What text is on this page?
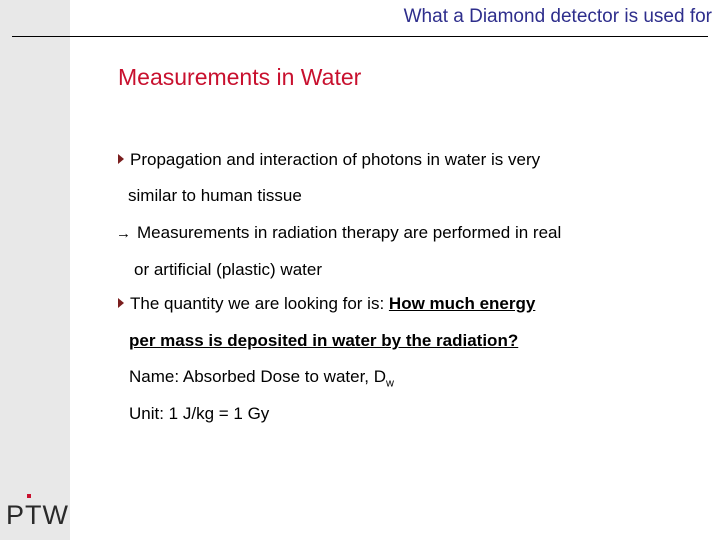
What a Diamond detector is used for
Measurements in Water
Propagation and interaction of photons in water is very
similar to human tissue
→ Measurements in radiation therapy are performed in real
or artificial (plastic) water
The quantity we are looking for is: How much energy
per mass is deposited in water by the radiation?
Name: Absorbed Dose to water, $D_w$
Unit: 1 J/kg = 1 Gy
P
TW
